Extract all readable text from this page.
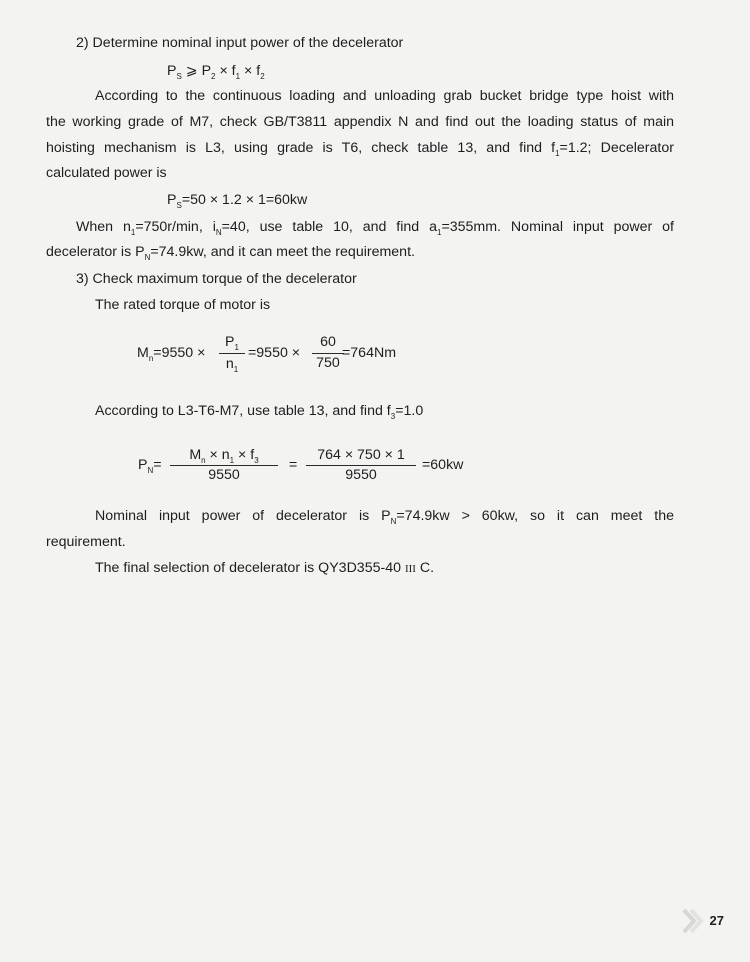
2) Determine nominal input power of the decelerator
$P_S$ ⩾ $P_2 \times f_1 \times f_2$
According to the continuous loading and unloading grab bucket bridge type hoist with
the working grade of M7, check GB/T3811 appendix N and find out the loading status of main
hoisting mechanism is L3, using grade is T6, check table 13, and find $f_1=1.2$; Decelerator
calculated power is
$P_S=50 \times 1.2 \times 1=60kw$
When $n_1=750r/\min$, $i_N=40$, use table 10, and find $a_1=355mm$. Nominal input power of
decelerator is $P_N=74.9kw$, and it can meet the requirement.
3) Check maximum torque of the decelerator
The rated torque of motor is
$M_n=9550$ ×
$P_1$
$n_1$
=9550 ×
60
750
=764Nm
According to L3-T6-M7, use table 13, and find $f_3=1.0$
$P_N=$
$M_n \times n_1 \times f_3$
9550
=
764 × 750 × 1
9550
=60kw
Nominal input power of decelerator is $P_N=74.9kw > 60kw$, so it can meet the
requirement.
The final selection of decelerator is QY3D355-40 III C.
27
